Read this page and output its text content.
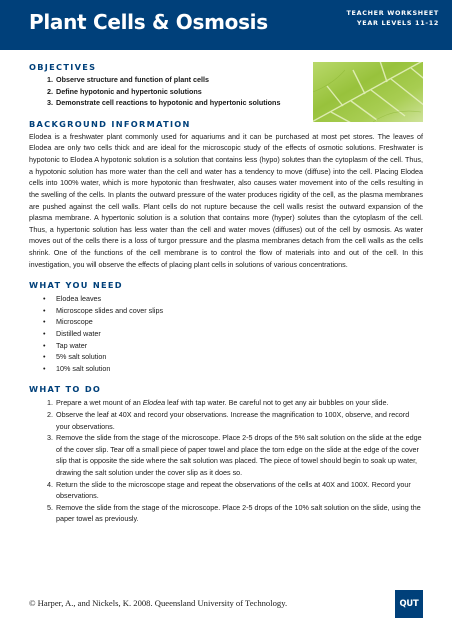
Plant Cells & Osmosis	TEACHER WORKSHEET
YEAR LEVELS 11-12
OBJECTIVES
1. Observe structure and function of plant cells
2. Define hypotonic and hypertonic solutions
3. Demonstrate cell reactions to hypotonic and hypertonic solutions
BACKGROUND INFORMATION

Elodea is a freshwater plant commonly used for aquariums and it can be purchased at most pet stores. The leaves of Elodea are only two cells thick and are ideal for the microscopic study of the effects of osmotic solutions. Freshwater is hypotonic to Elodea A hypotonic solution is a solution that contains less (hypo) solutes than the cytoplasm of the cell. Thus, a hypotonic solution has more water than the cell and water has a tendency to move (diffuse) into the cell. Placing Elodea cells into 100% water, which is more hypotonic than freshwater, also causes water movement into of the cells resulting in the swelling of the cells. In plants the outward pressure of the water produces rigidity of the cell, as the plasma membranes are pushed against the cell walls. Plant cells do not rupture because the cell walls resist the outward expansion of the plasma membrane. A hypertonic solution is a solution that contains more (hyper) solutes than the cytoplasm of the cell. Thus, a hypertonic solution has less water than the cell and water moves (diffuses) out of the cell by osmosis. As water moves out of the cells there is a loss of turgor pressure and the plasma membranes detach from the cell walls as the cells shrink. One of the functions of the cell membrane is to control the flow of materials into and out of the cell. In this investigation, you will observe the effects of placing plant cells in solutions of various concentrations.

WHAT YOU NEED
• Elodea leaves
• Microscope slides and cover slips
• Microscope
• Distilled water
• Tap water
• 5% salt solution
• 10% salt solution
WHAT TO DO
1. Prepare a wet mount of an Elodea leaf with tap water. Be careful not to get any air bubbles on your slide.
2. Observe the leaf at 40X and record your observations. Increase the magnification to 100X, observe, and record your observations.
3. Remove the slide from the stage of the microscope. Place 2-5 drops of the 5% salt solution on the slide at the edge of the cover slip. Tear off a small piece of paper towel and place the torn edge on the slide at the edge of the cover slip that is opposite the side where the salt solution was placed. The piece of towel should begin to soak up water, drawing the salt solution under the cover slip as it does so.
4. Return the slide to the microscope stage and repeat the observations of the cells at 40X and 100X. Record your observations.
5. Remove the slide from the stage of the microscope. Place 2-5 drops of the 10% salt solution on the slide, using the paper towel as previously.
© Harper, A., and Nickels, K. 2008. Queensland University of Technology.	QUT
